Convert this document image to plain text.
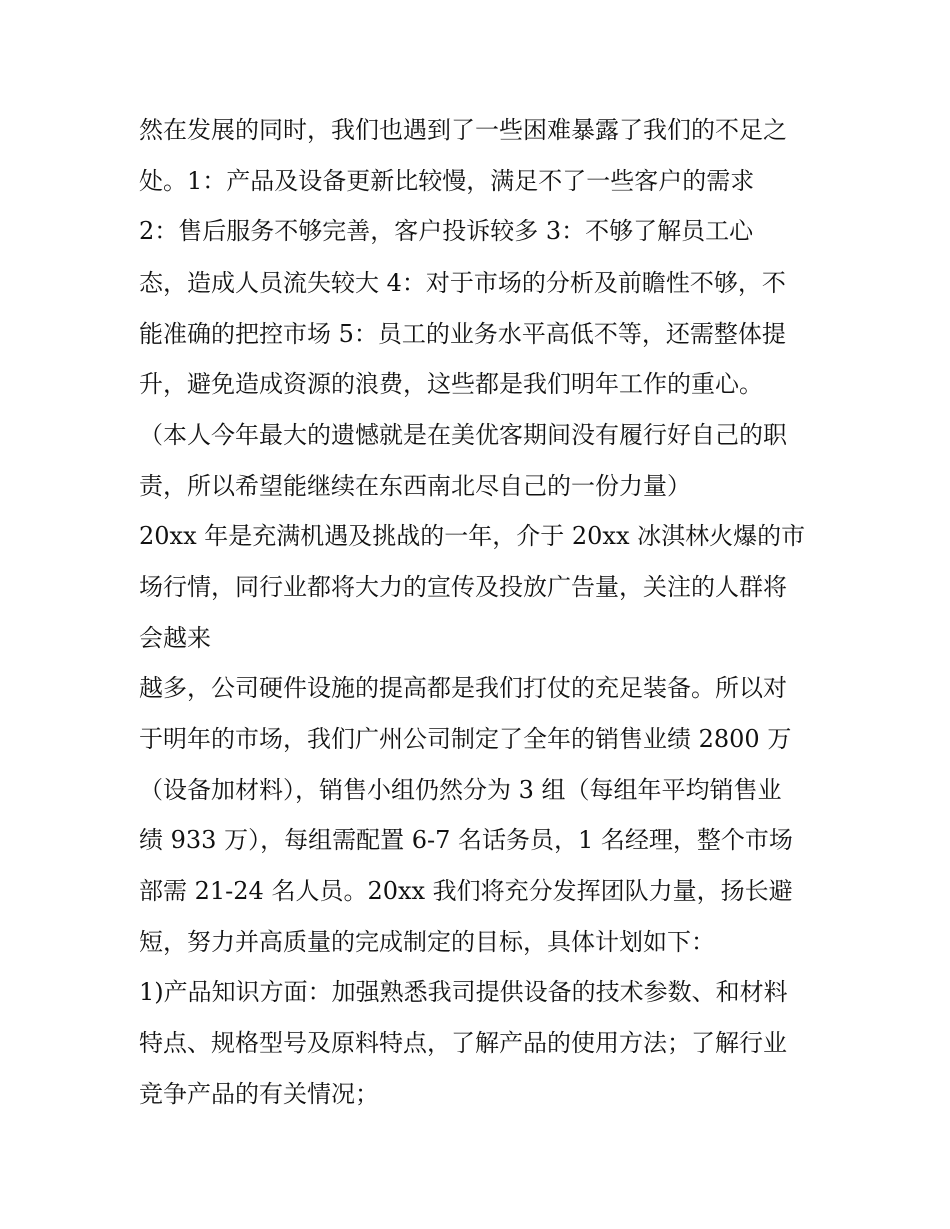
然在发展的同时，我们也遇到了一些困难暴露了我们的不足之
处。1：产品及设备更新比较慢，满足不了一些客户的需求
2：售后服务不够完善，客户投诉较多 3：不够了解员工心
态，造成人员流失较大 4：对于市场的分析及前瞻性不够，不
能准确的把控市场 5：员工的业务水平高低不等，还需整体提
升，避免造成资源的浪费，这些都是我们明年工作的重心。
（本人今年最大的遗憾就是在美优客期间没有履行好自己的职
责，所以希望能继续在东西南北尽自己的一份力量）
20xx 年是充满机遇及挑战的一年，介于 20xx 冰淇林火爆的市
场行情，同行业都将大力的宣传及投放广告量，关注的人群将
会越来
越多，公司硬件设施的提高都是我们打仗的充足装备。所以对
于明年的市场，我们广州公司制定了全年的销售业绩 2800 万
（设备加材料），销售小组仍然分为 3 组（每组年平均销售业
绩 933 万），每组需配置 6-7 名话务员，1 名经理，整个市场
部需 21-24 名人员。20xx 我们将充分发挥团队力量，扬长避
短，努力并高质量的完成制定的目标，具体计划如下：
1)产品知识方面：加强熟悉我司提供设备的技术参数、和材料
特点、规格型号及原料特点，了解产品的使用方法；了解行业
竞争产品的有关情况；
